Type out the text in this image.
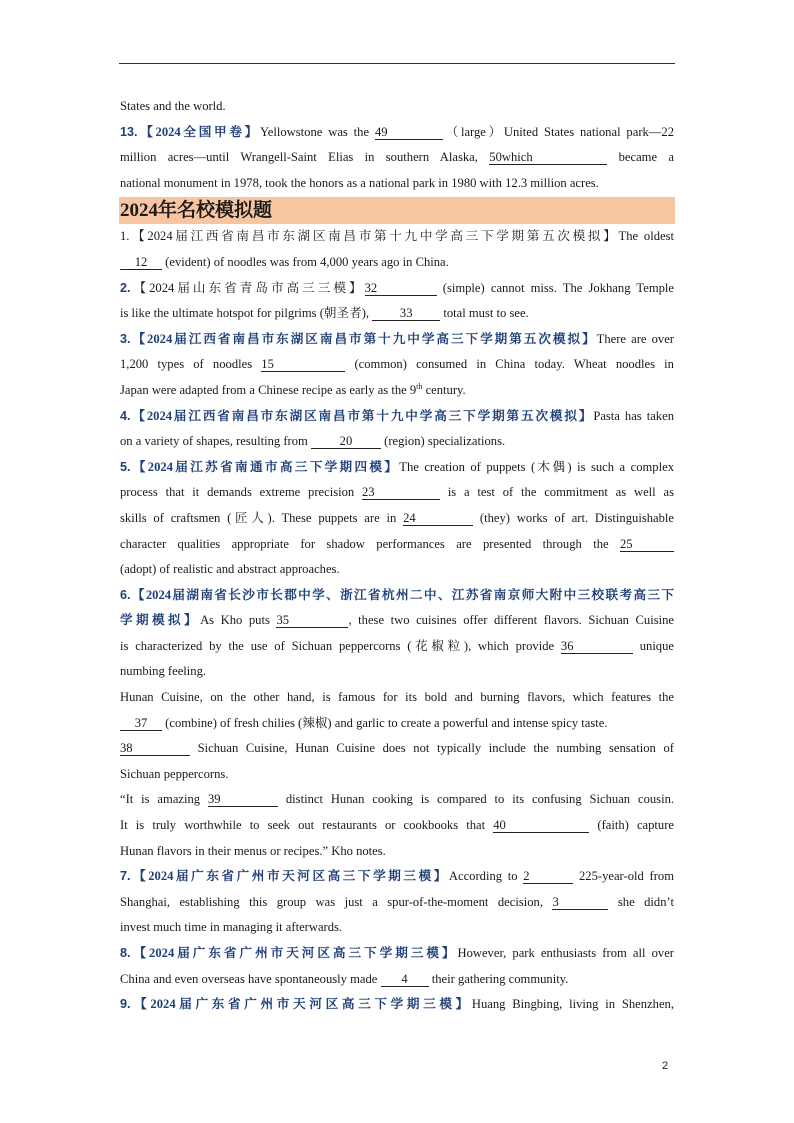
States and the world.
13.【2024全国甲卷】Yellowstone was the 49	（large）United States national park—22
million acres—until Wrangell-Saint Elias in southern Alaska, 50which	became a
national monument in 1978, took the honors as a national park in 1980 with 12.3 million acres.
2024年名校模拟题
1.【2024届江西省南昌市东湖区南昌市第十九中学高三下学期第五次模拟】The oldest
12 (evident) of noodles was from 4,000 years ago in China.
2.【2024届山东省青岛市高三三模】32	(simple) cannot miss. The Jokhang Temple
is like the ultimate hotspot for pilgrims (朝圣者), 33 total must to see.
3.【2024届江西省南昌市东湖区南昌市第十九中学高三下学期第五次模拟】There are over
1,200 types of noodles 15	(common) consumed in China today. Wheat noodles in
Japan were adapted from a Chinese recipe as early as the 9th century.
4.【2024届江西省南昌市东湖区南昌市第十九中学高三下学期第五次模拟】Pasta has taken
on a variety of shapes, resulting from	20	(region) specializations.
5.【2024届江苏省南通市高三下学期四模】The creation of puppets (木偶) is such a complex
process that it demands extreme precision 23	is a test of the commitment as well as
skills of craftsmen (匠人). These puppets are in 24	(they) works of art. Distinguishable
character qualities appropriate for shadow performances are presented through the 25
(adopt) of realistic and abstract approaches.
6.【2024届湖南省长沙市长郡中学、浙江省杭州二中、江苏省南京师大附中三校联考高三下
学期模拟】As Kho puts 35	, these two cuisines offer different flavors. Sichuan Cuisine
is characterized by the use of Sichuan peppercorns (花椒粒), which provide 36	unique
numbing feeling.
Hunan Cuisine, on the other hand, is famous for its bold and burning flavors, which features the
37 (combine) of fresh chilies (辣椒) and garlic to create a powerful and intense spicy taste.
38	Sichuan Cuisine, Hunan Cuisine does not typically include the numbing sensation of
Sichuan peppercorns.
“It is amazing 39	distinct Hunan cooking is compared to its confusing Sichuan cousin.
It is truly worthwhile to seek out restaurants or cookbooks that 40	(faith) capture
Hunan flavors in their menus or recipes.” Kho notes.
7.【2024届广东省广州市天河区高三下学期三模】According to 2	225-year-old from
Shanghai, establishing this group was just a spur-of-the-moment decision, 3	she didn’t
invest much time in managing it afterwards.
8.【2024届广东省广州市天河区高三下学期三模】However, park enthusiasts from all over
China and even overseas have spontaneously made 4 their gathering community.
9.【2024届广东省广州市天河区高三下学期三模】Huang Bingbing, living in Shenzhen,
2
